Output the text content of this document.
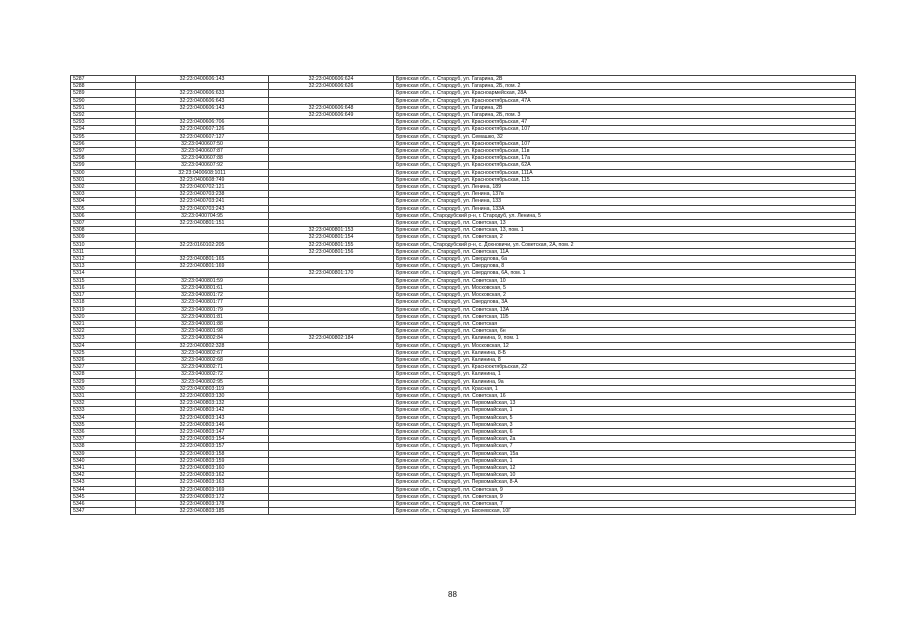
5287	32:23:0400606:143	32:23:0400606:624	Брянская обл., г. Стародуб, ул. Гагарина, 2В
5288		32:23:0400606:626	Брянская обл., г. Стародуб, ул. Гагарина, 2Б, пом. 2
5289	32:23:0400606:633		Брянская обл., г. Стародуб, ул. Красноармейская, 28А
5290	32:23:0400606:643		Брянская обл., г. Стародуб, ул. Краснооктябрьская, 47А
5291	32:23:0400606:143	32:23:0400606:648	Брянская обл., г. Стародуб, ул. Гагарина, 2В
5292		32:23:0400606:649	Брянская обл., г. Стародуб, ул. Гагарина, 2Б, пом. 3
5293	32:23:0400606:706		Брянская обл., г. Стародуб, ул. Краснооктябрьская, 47
5294	32:23:0400607:126		Брянская обл., г. Стародуб, ул. Краснооктябрьская, 107
5295	32:23:0400607:127		Брянская обл., г. Стародуб, ул. Семашко, 32
5296	32:23:0400607:50		Брянская обл., г. Стародуб, ул. Краснооктябрьская, 107
5297	32:23:0400607:87		Брянская обл., г. Стародуб, ул. Краснооктябрьская, 11в
5298	32:23:0400607:88		Брянская обл., г. Стародуб, ул. Краснооктябрьская, 17а
5299	32:23:0400607:92		Брянская обл., г. Стародуб, ул. Краснооктябрьская, 62А
5300	32:23:0400608:1011		Брянская обл., г. Стародуб, ул. Краснооктябрьская, 111А
5301	32:23:0400608:749		Брянская обл., г. Стародуб, ул. Краснооктябрьская, 115
5302	32:23:0400702:121		Брянская обл., г. Стародуб, ул. Ленина, 189
5303	32:23:0400703:238		Брянская обл., г. Стародуб, ул. Ленина, 137в
5304	32:23:0400703:241		Брянская обл., г. Стародуб, ул. Ленина, 133
5305	32:23:0400703:243		Брянская обл., г. Стародуб, ул. Ленина, 133А
5306	32:23:0400704:95		Брянская обл., Стародубский р-н, г. Стародуб, ул. Ленина, 5
5307	32:23:0400801:151		Брянская обл., г. Стародуб, пл. Советская, 13
5308		32:23:0400801:153	Брянская обл., г. Стародуб, пл. Советская, 13, пом. 1
5309		32:23:0400801:154	Брянская обл., г. Стародуб, пл. Советская, 2
5310	32:23:0160102:205	32:23:0400801:155	Брянская обл., Стародубский р-н, с. Дохновичи, ул. Советская, 2А, пом. 2
5311		32:23:0400801:156	Брянская обл., г. Стародуб, пл. Советская, 11А
5312	32:23:0400801:165		Брянская обл., г. Стародуб, ул. Свердлова, 6а
5313	32:23:0400801:169		Брянская обл., г. Стародуб, ул. Свердлова, 8
5314		32:23:0400801:170	Брянская обл., г. Стародуб, ул. Свердлова, 6А, пом. 1
5315	32:23:0400801:59		Брянская обл., г. Стародуб, пл. Советская, 10
5316	32:23:0400801:61		Брянская обл., г. Стародуб, ул. Московская, 5
5317	32:23:0400801:72		Брянская обл., г. Стародуб, ул. Московская, 2
5318	32:23:0400801:77		Брянская обл., г. Стародуб, ул. Свердлова, 3А
5319	32:23:0400801:79		Брянская обл., г. Стародуб, пл. Советская, 13А
5320	32:23:0400801:81		Брянская обл., г. Стародуб, пл. Советская, 11Б
5321	32:23:0400801:88		Брянская обл., г. Стародуб, пл. Советская
5322	32:23:0400801:98		Брянская обл., г. Стародуб, пл. Советская, 6н
5323	32:23:0400802:84	32:23:0400802:184	Брянская обл., г. Стародуб, ул. Калинина, 9, пом. 1
5324	32:23:0400802:328		Брянская обл., г. Стародуб, ул. Московская, 12
5325	32:23:0400802:67		Брянская обл., г. Стародуб, ул. Калинина, 8-Б
5326	32:23:0400802:68		Брянская обл., г. Стародуб, ул. Калинина, 8
5327	32:23:0400802:71		Брянская обл., г. Стародуб, ул. Краснооктябрьская, 22
5328	32:23:0400802:72		Брянская обл., г. Стародуб, ул. Калинина, 1
5329	32:23:0400802:95		Брянская обл., г. Стародуб, ул. Калинина, 9а
5330	32:23:0400803:119		Брянская обл., г. Стародуб, пл. Красная, 1
5331	32:23:0400803:130		Брянская обл., г. Стародуб, пл. Советская, 16
5332	32:23:0400803:132		Брянская обл., г. Стародуб, ул. Первомайская, 13
5333	32:23:0400803:142		Брянская обл., г. Стародуб, ул. Первомайская, 1
5334	32:23:0400803:143		Брянская обл., г. Стародуб, ул. Первомайская, 5
5335	32:23:0400803:146		Брянская обл., г. Стародуб, ул. Первомайская, 3
5336	32:23:0400803:147		Брянская обл., г. Стародуб, ул. Первомайская, 6
5337	32:23:0400803:154		Брянская обл., г. Стародуб, ул. Первомайская, 2а
5338	32:23:0400803:157		Брянская обл., г. Стародуб, ул. Первомайская, 7
5339	32:23:0400803:158		Брянская обл., г. Стародуб, ул. Первомайская, 15а
5340	32:23:0400803:159		Брянская обл., г. Стародуб, ул. Первомайская, 1
5341	32:23:0400803:160		Брянская обл., г. Стародуб, ул. Первомайская, 12
5342	32:23:0400803:162		Брянская обл., г. Стародуб, ул. Первомайская, 10
5343	32:23:0400803:163		Брянская обл., г. Стародуб, ул. Первомайская, 8-А
5344	32:23:0400803:169		Брянская обл., г. Стародуб, пл. Советская, 9
5345	32:23:0400803:172		Брянская обл., г. Стародуб, пл. Советская, 9
5346	32:23:0400803:178		Брянская обл., г. Стародуб, пл. Советская, 7
5347	32:23:0400803:185		Брянская обл., г. Стародуб, ул. Евсеевская, 10Г
88
